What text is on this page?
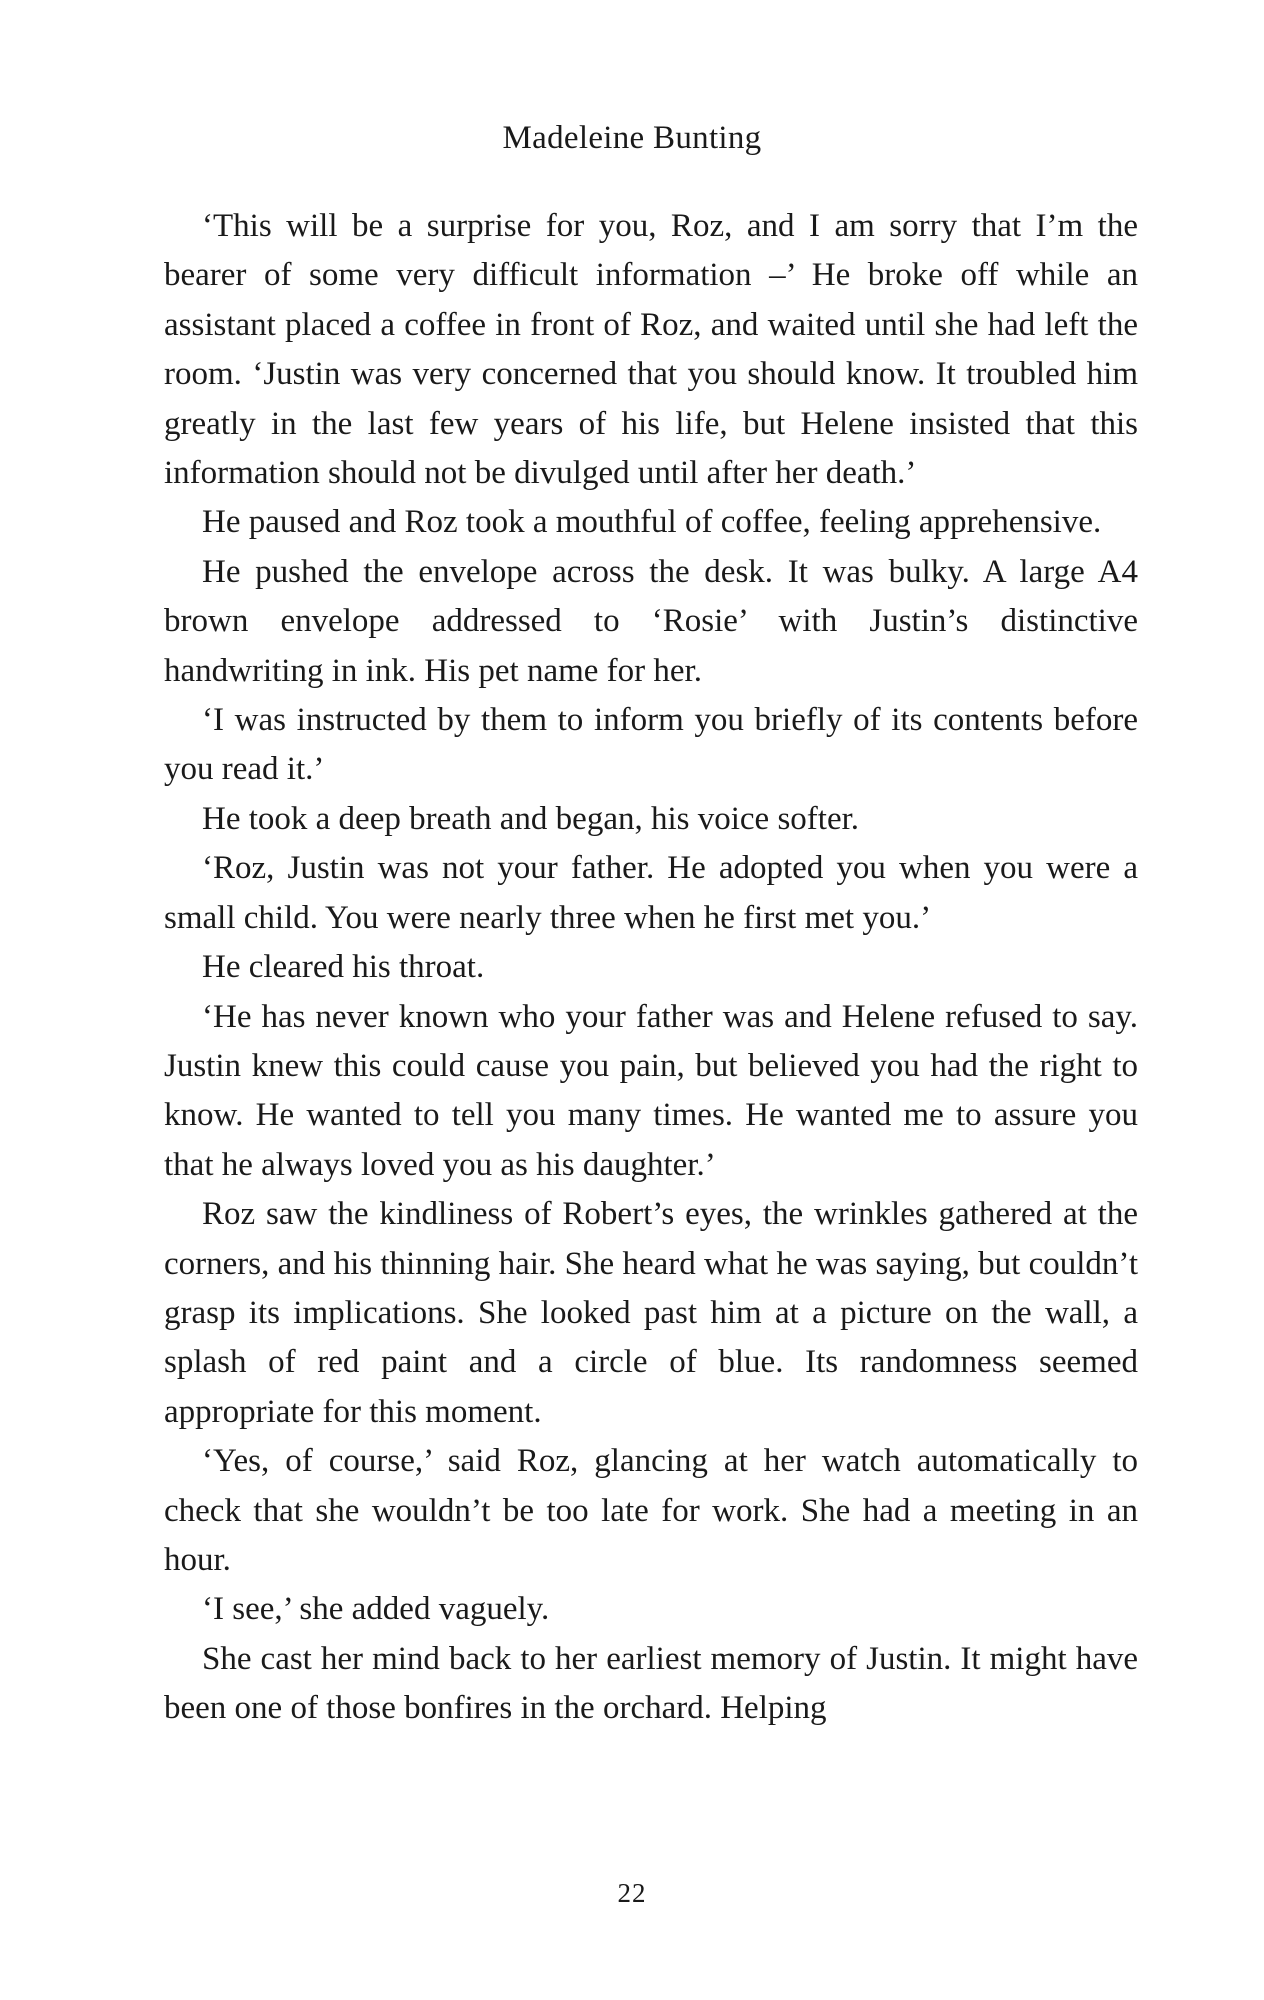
Madeleine Bunting

‘This will be a surprise for you, Roz, and I am sorry that I’m the bearer of some very difficult information –’ He broke off while an assistant placed a coffee in front of Roz, and waited until she had left the room. ‘Justin was very concerned that you should know. It troubled him greatly in the last few years of his life, but Helene insisted that this information should not be divulged until after her death.’

He paused and Roz took a mouthful of coffee, feeling apprehensive.

He pushed the envelope across the desk. It was bulky. A large A4 brown envelope addressed to ‘Rosie’ with Justin’s distinctive handwriting in ink. His pet name for her.

‘I was instructed by them to inform you briefly of its contents before you read it.’

He took a deep breath and began, his voice softer.

‘Roz, Justin was not your father. He adopted you when you were a small child. You were nearly three when he first met you.’

He cleared his throat.

‘He has never known who your father was and Helene refused to say. Justin knew this could cause you pain, but believed you had the right to know. He wanted to tell you many times. He wanted me to assure you that he always loved you as his daughter.’

Roz saw the kindliness of Robert’s eyes, the wrinkles gathered at the corners, and his thinning hair. She heard what he was saying, but couldn’t grasp its implications. She looked past him at a picture on the wall, a splash of red paint and a circle of blue. Its randomness seemed appropriate for this moment.

‘Yes, of course,’ said Roz, glancing at her watch automatically to check that she wouldn’t be too late for work. She had a meeting in an hour.

‘I see,’ she added vaguely.

She cast her mind back to her earliest memory of Justin. It might have been one of those bonfires in the orchard. Helping

22
